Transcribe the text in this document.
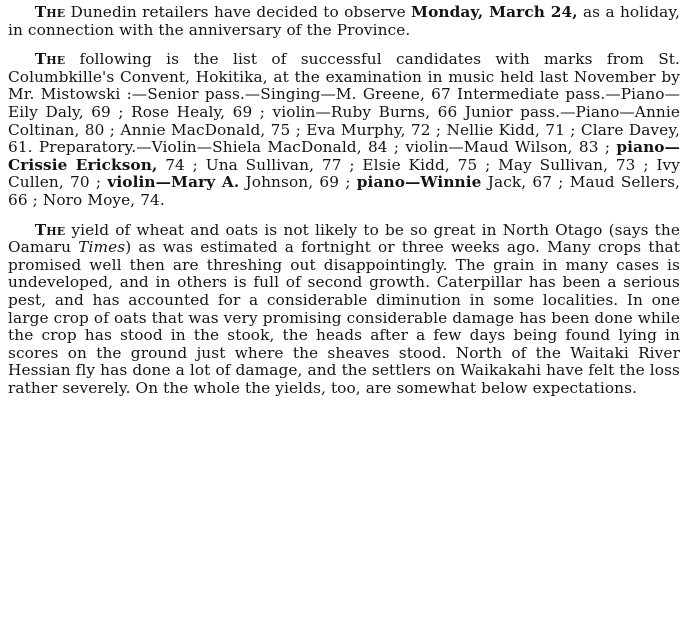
The Dunedin retailers have decided to observe Monday, March 24, as a holiday, in connection with the anniversary of the Province.

The following is the list of successful candidates with marks from St. Columbkille's Convent, Hokitika, at the examination in music held last November by Mr. Mistowski :—Senior pass.—Singing—M. Greene, 67 Intermediate pass.—Piano—Eily Daly, 69 ; Rose Healy, 69 ; violin—Ruby Burns, 66 Junior pass.—Piano—Annie Coltinan, 80 ; Annie MacDonald, 75 ; Eva Murphy, 72 ; Nellie Kidd, 71 ; Clare Davey, 61. Preparatory.—Violin—Shiela MacDonald, 84 ; violin—Maud Wilson, 83 ; piano—Crissie Erickson, 74 ; Una Sullivan, 77 ; Elsie Kidd, 75 ; May Sullivan, 73 ; Ivy Cullen, 70 ; violin—Mary A. Johnson, 69 ; piano—Winnie Jack, 67 ; Maud Sellers, 66 ; Noro Moye, 74.

The yield of wheat and oats is not likely to be so great in North Otago (says the Oamaru Times) as was estimated a fortnight or three weeks ago. Many crops that promised well then are threshing out disappointingly. The grain in many cases is undeveloped, and in others is full of second growth. Caterpillar has been a serious pest, and has accounted for a considerable diminution in some localities. In one large crop of oats that was very promising considerable damage has been done while the crop has stood in the stook, the heads after a few days being found lying in scores on the ground just where the sheaves stood. North of the Waitaki River Hessian fly has done a lot of damage, and the settlers on Waikakahi have felt the loss rather severely. On the whole the yields, too, are somewhat below expectations.
